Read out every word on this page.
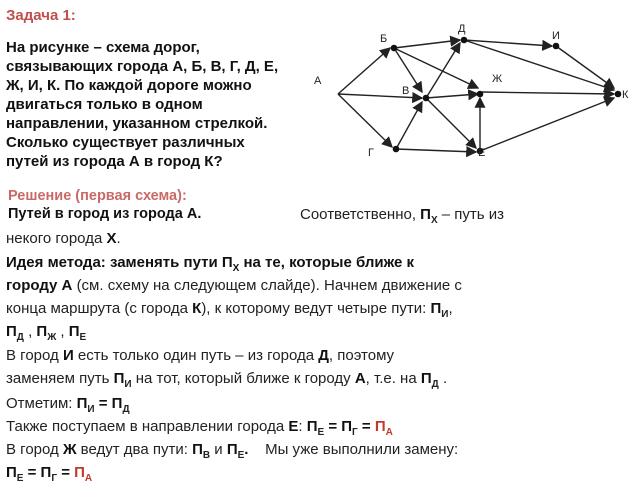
Задача 1:
На рисунке – схема дорог, связывающих города А, Б, В, Г, Д, Е, Ж, И, К. По каждой дороге можно двигаться только в одном направлении, указанном стрелкой. Сколько существует различных путей из города А в город К?
Решение (первая схема):
Путей в город из города А.
А
Б
В
Г
Д
Е
Ж
И
К
Соответственно, $П_Х$ – путь из
некого города Х.
Идея метода: заменять пути $П_Х$ на те, которые ближе к
городу А (см. схему на следующем слайде). Начнем движение с
конца маршрута (с города К), к которому ведут четыре пути: $П_И$,
$П_Д$ , $П_Ж$ , $П_Е$
В город И есть только один путь – из города Д, поэтому
заменяем путь $П_И$ на тот, который ближе к городу А, т.е. на $П_Д$ .
Отметим: $П_И = П_Д$
Также поступаем в направлении города Е: $П_Е = П_Г = П_А$
В город Ж ведут два пути: $П_В$ и $П_Е$. Мы уже выполнили замену:
$П_Е = П_Г = П_А$
